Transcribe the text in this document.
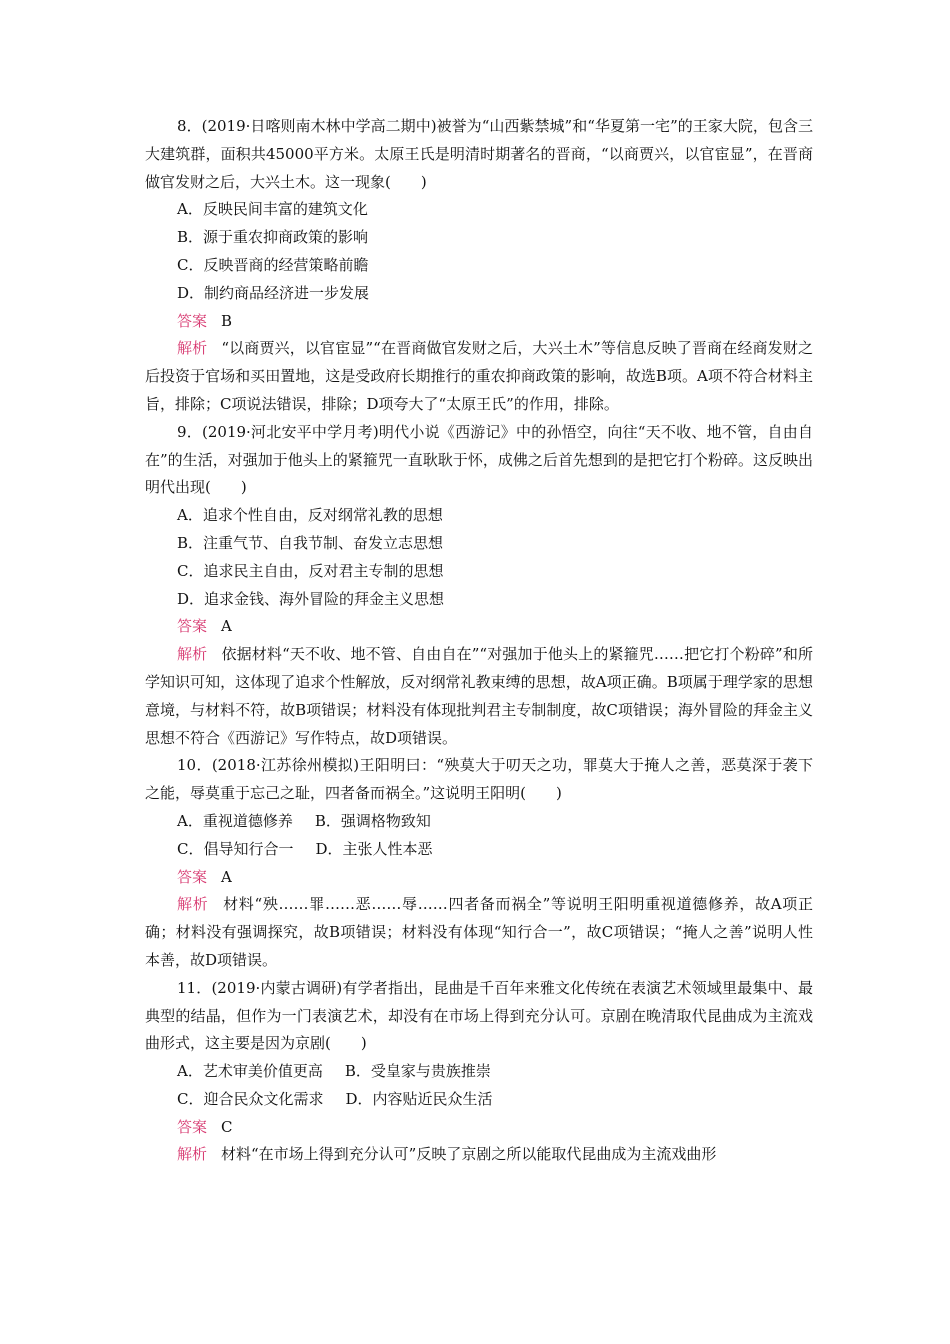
8．(2019·日喀则南木林中学高二期中)被誉为“山西紫禁城”和“华夏第一宅”的王家大院，包含三大建筑群，面积共45000平方米。太原王氏是明清时期著名的晋商，“以商贾兴，以官宦显”，在晋商做官发财之后，大兴土木。这一现象(　　)

A．反映民间丰富的建筑文化
B．源于重农抑商政策的影响
C．反映晋商的经营策略前瞻
D．制约商品经济进一步发展
答案 B

解析 “以商贾兴，以官宦显”“在晋商做官发财之后，大兴土木”等信息反映了晋商在经商发财之后投资于官场和买田置地，这是受政府长期推行的重农抑商政策的影响，故选B项。A项不符合材料主旨，排除；C项说法错误，排除；D项夸大了“太原王氏”的作用，排除。

9．(2019·河北安平中学月考)明代小说《西游记》中的孙悟空，向往“天不收、地不管，自由自在”的生活，对强加于他头上的紧箍咒一直耿耿于怀，成佛之后首先想到的是把它打个粉碎。这反映出明代出现(　　)

A．追求个性自由，反对纲常礼教的思想
B．注重气节、自我节制、奋发立志思想
C．追求民主自由，反对君主专制的思想
D．追求金钱、海外冒险的拜金主义思想
答案 A

解析 依据材料“天不收、地不管、自由自在”“对强加于他头上的紧箍咒……把它打个粉碎”和所学知识可知，这体现了追求个性解放，反对纲常礼教束缚的思想，故A项正确。B项属于理学家的思想意境，与材料不符，故B项错误；材料没有体现批判君主专制制度，故C项错误；海外冒险的拜金主义思想不符合《西游记》写作特点，故D项错误。

10．(2018·江苏徐州模拟)王阳明曰：“殃莫大于叨天之功，罪莫大于掩人之善，恶莫深于袭下之能，辱莫重于忘己之耻，四者备而祸全。”这说明王阳明(　　)

A．重视道德修养 B．强调格物致知
C．倡导知行合一 D．主张人性本恶
答案 A

解析 材料“殃……罪……恶……辱……四者备而祸全”等说明王阳明重视道德修养，故A项正确；材料没有强调探究，故B项错误；材料没有体现“知行合一”，故C项错误；“掩人之善”说明人性本善，故D项错误。

11．(2019·内蒙古调研)有学者指出，昆曲是千百年来雅文化传统在表演艺术领域里最集中、最典型的结晶，但作为一门表演艺术，却没有在市场上得到充分认可。京剧在晚清取代昆曲成为主流戏曲形式，这主要是因为京剧(　　)

A．艺术审美价值更高 B．受皇家与贵族推崇
C．迎合民众文化需求 D．内容贴近民众生活
答案 C

解析 材料“在市场上得到充分认可”反映了京剧之所以能取代昆曲成为主流戏曲形
